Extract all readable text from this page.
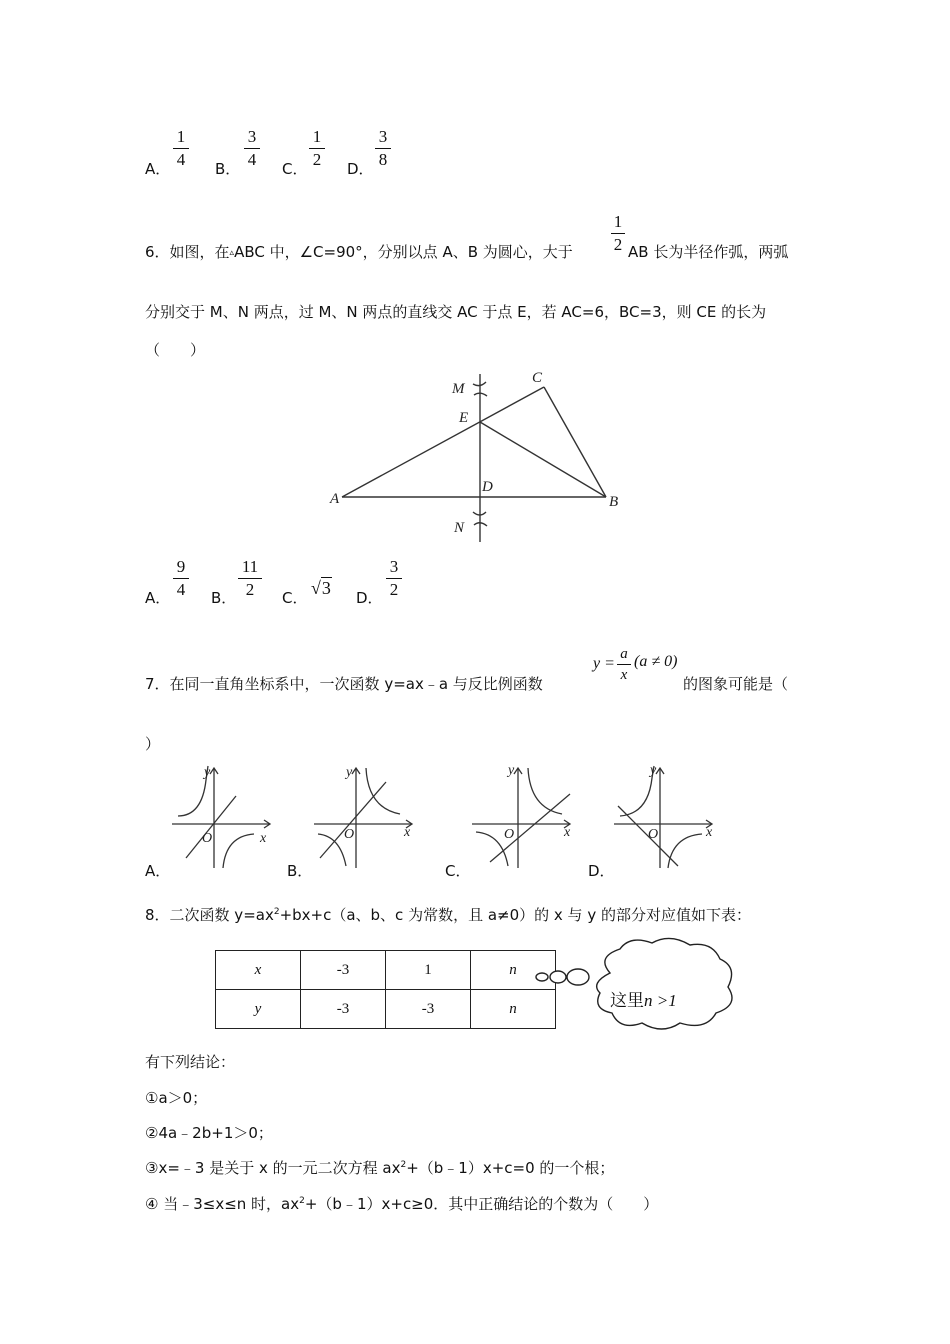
A．
1
4 B．
3
4 C．
1
2 D．
3
8
6．如图，在▵ABC 中，∠C=90°，分别以点 A、B 为圆心，大于
1
2 AB 长为半径作弧，两弧
分别交于 M、N 两点，过 M、N 两点的直线交 AC 于点 E，若 AC=6，BC=3，则 CE 的长为
（　　）
A	B
C
D
E
M
N
A．
9
4 B．
11
2	C． √3 D．
3
2
7．在同一直角坐标系中，一次函数 y=ax﹣a 与反比例函数
y =
a
x
(a ≠ 0)
的图象可能是（
）
x
y
O
A．
x
y
O
B．
x
y
O
C．
x
y
O
D．
8．二次函数 $y=ax^2+bx+c(a$、b、c 为常数，且 a≠0）的 x 与 y 的部分对应值如下表：
x	-3	1	n
y	-3	-3	n	这里n >1
有下列结论：
①a＞0；
②4a﹣2b+1＞0；
③x=﹣3 是关于 x 的一元二次方程 $ax^2+(b﹣1)x+c=0$ 的一个根；
④ 当﹣3≤x≤n 时，$ax^2+(b﹣1)x+c\ge 0$．其中正确结论的个数为（　　）
